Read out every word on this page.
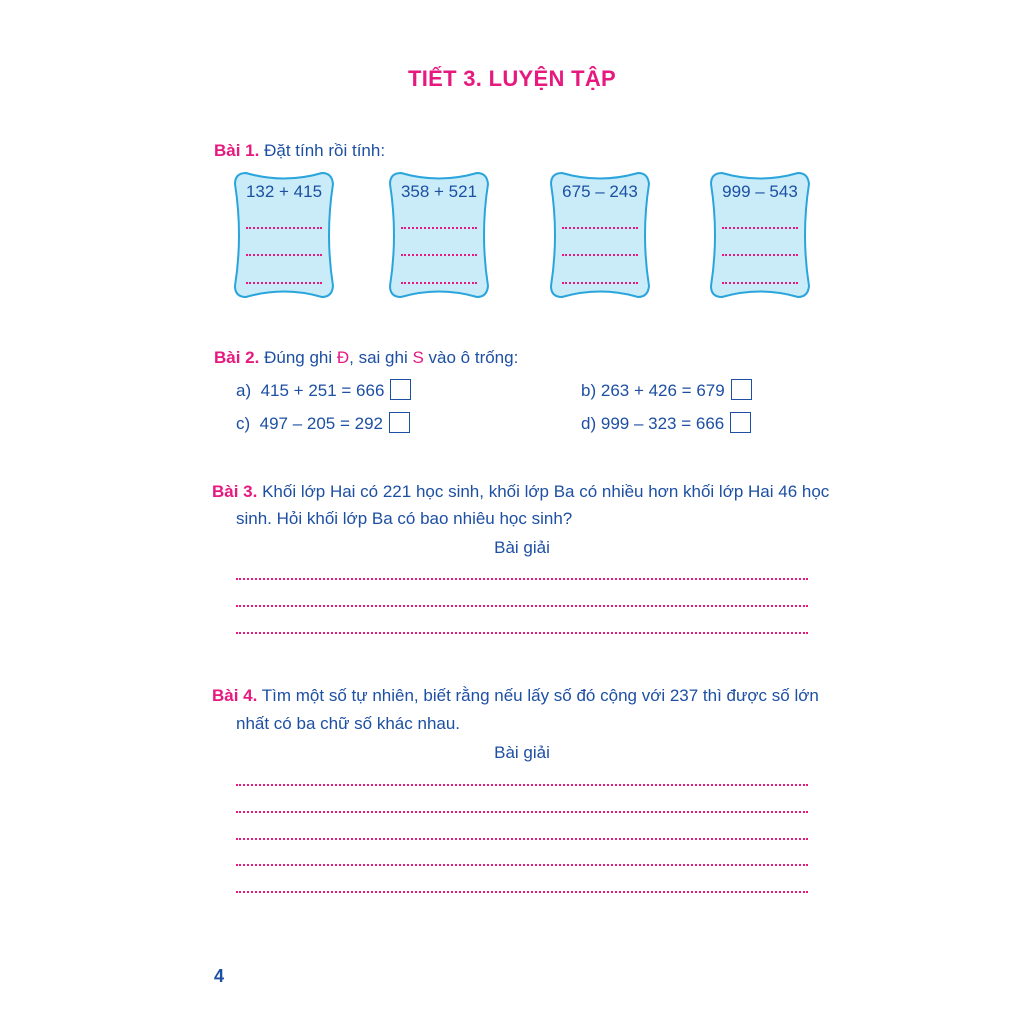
TIẾT 3. LUYỆN TẬP
Bài 1. Đặt tính rồi tính:
132 + 415	358 + 521	675 – 243	999 – 543
Bài 2. Đúng ghi Đ, sai ghi S vào ô trống:
a) 415 + 251 = 666	b) 263 + 426 = 679
c) 497 – 205 = 292	d) 999 – 323 = 666
Bài 3. Khối lớp Hai có 221 học sinh, khối lớp Ba có nhiều hơn khối lớp Hai 46 học
sinh. Hỏi khối lớp Ba có bao nhiêu học sinh?
Bài giải
Bài 4. Tìm một số tự nhiên, biết rằng nếu lấy số đó cộng với 237 thì được số lớn
nhất có ba chữ số khác nhau.
Bài giải
4
